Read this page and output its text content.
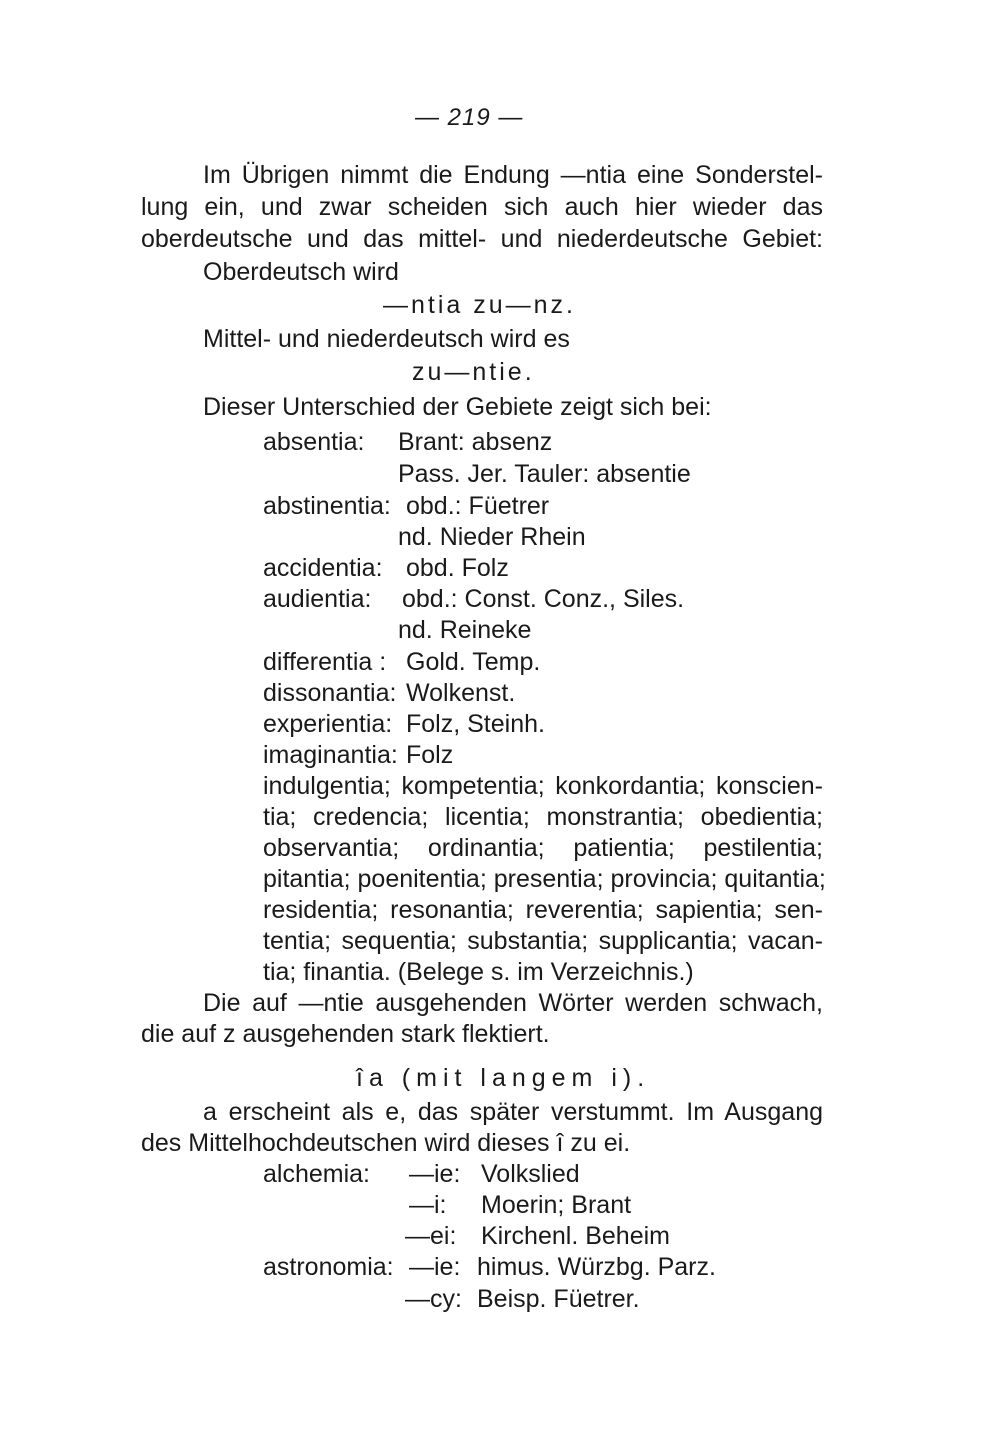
— 219 —
Im Übrigen nimmt die Endung —ntia eine Sonderstel-
lung ein, und zwar scheiden sich auch hier wieder das
oberdeutsche und das mittel- und niederdeutsche Gebiet:
Oberdeutsch wird
—ntia zu—nz.
Mittel- und niederdeutsch wird es
zu—ntie.
Dieser Unterschied der Gebiete zeigt sich bei:
absentia: Brant: absenz
Pass. Jer. Tauler: absentie
abstinentia: obd.: Füetrer
nd. Nieder Rhein
accidentia: obd. Folz
audientia: obd.: Const. Conz., Siles.
nd. Reineke
differentia : Gold. Temp.
dissonantia: Wolkenst.
experientia: Folz, Steinh.
imaginantia: Folz
indulgentia; kompetentia; konkordantia; konscien-
tia; credencia; licentia; monstrantia; obedientia;
observantia; ordinantia; patientia; pestilentia;
pitantia; poenitentia; presentia; provincia; quitantia;
residentia; resonantia; reverentia; sapientia; sen-
tentia; sequentia; substantia; supplicantia; vacan-
tia; finantia. (Belege s. im Verzeichnis.)
Die auf —ntie ausgehenden Wörter werden schwach,
die auf z ausgehenden stark flektiert.
îa (mit langem i).
a erscheint als e, das später verstummt. Im Ausgang
des Mittelhochdeutschen wird dieses î zu ei.
alchemia: —ie: Volkslied
—i: Moerin; Brant
—ei: Kirchenl. Beheim
astronomia: —ie: himus. Würzbg. Parz.
—cy: Beisp. Füetrer.
